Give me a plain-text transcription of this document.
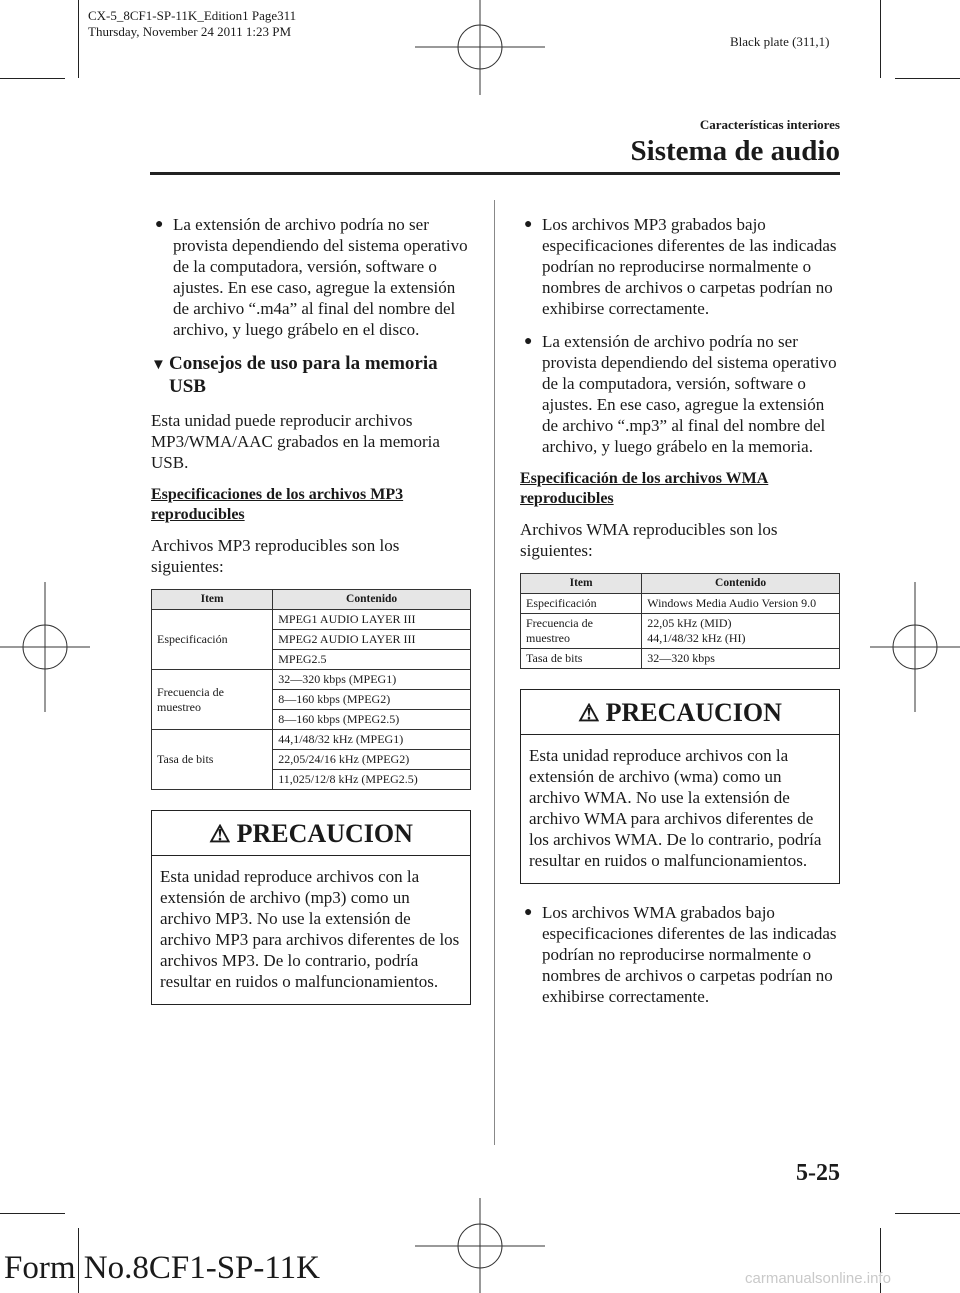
CX-5_8CF1-SP-11K_Edition1 Page311
Thursday, November 24 2011 1:23 PM
Black plate (311,1)
Características interiores
Sistema de audio
● La extensión de archivo podría no ser provista dependiendo del sistema operativo de la computadora, versión, software o ajustes. En ese caso, agregue la extensión de archivo “.m4a” al final del nombre del archivo, y luego grábelo en el disco.
▼ Consejos de uso para la memoria USB

Esta unidad puede reproducir archivos MP3/WMA/AAC grabados en la memoria USB.

Especificaciones de los archivos MP3 reproducibles

Archivos MP3 reproducibles son los siguientes:

Item	Contenido
Especificación	MPEG1 AUDIO LAYER III
	MPEG2 AUDIO LAYER III
	MPEG2.5
Frecuencia de muestreo	32―320 kbps (MPEG1)
	8―160 kbps (MPEG2)
	8―160 kbps (MPEG2.5)
Tasa de bits	44,1/48/32 kHz (MPEG1)
	22,05/24/16 kHz (MPEG2)
	11,025/12/8 kHz (MPEG2.5)
⚠ PRECAUCION
Esta unidad reproduce archivos con la extensión de archivo (mp3) como un archivo MP3. No use la extensión de archivo MP3 para archivos diferentes de los archivos MP3. De lo contrario, podría resultar en ruidos o malfuncionamientos.
● Los archivos MP3 grabados bajo especificaciones diferentes de las indicadas podrían no reproducirse normalmente o nombres de archivos o carpetas podrían no exhibirse correctamente.
● La extensión de archivo podría no ser provista dependiendo del sistema operativo de la computadora, versión, software o ajustes. En ese caso, agregue la extensión de archivo “.mp3” al final del nombre del archivo, y luego grábelo en la memoria.
Especificación de los archivos WMA reproducibles

Archivos WMA reproducibles son los siguientes:

Item	Contenido
Especificación	Windows Media Audio Version 9.0
Frecuencia de muestreo	22,05 kHz (MID)
44,1/48/32 kHz (HI)

Tasa de bits	32―320 kbps
⚠ PRECAUCION
Esta unidad reproduce archivos con la extensión de archivo (wma) como un archivo WMA. No use la extensión de archivo WMA para archivos diferentes de los archivos WMA. De lo contrario, podría resultar en ruidos o malfuncionamientos.
● Los archivos WMA grabados bajo especificaciones diferentes de las indicadas podrían no reproducirse normalmente o nombres de archivos o carpetas podrían no exhibirse correctamente.
5-25
Form No.8CF1-SP-11K	carmanualsonline.info
